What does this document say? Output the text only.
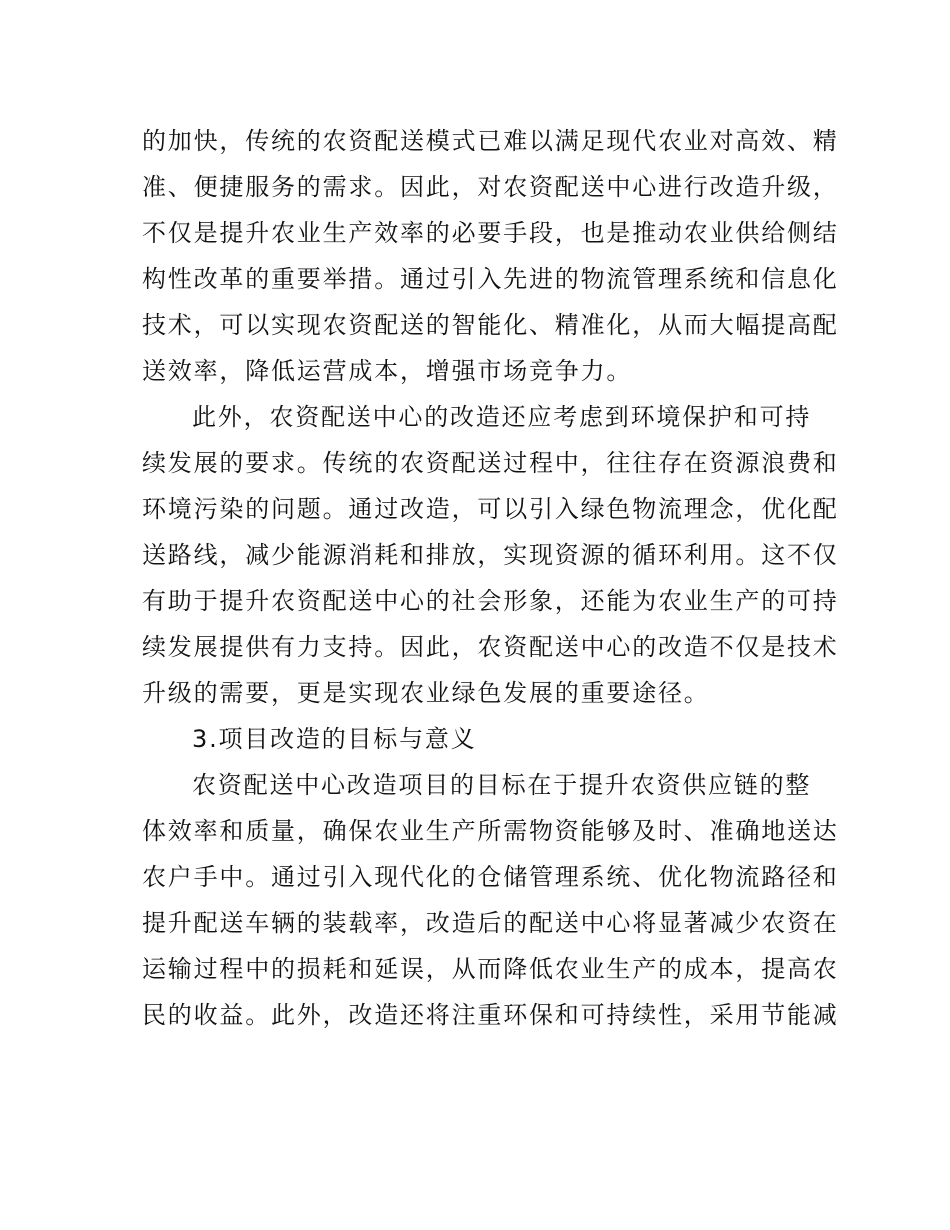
的加快，传统的农资配送模式已难以满足现代农业对高效、精
准、便捷服务的需求。因此，对农资配送中心进行改造升级，
不仅是提升农业生产效率的必要手段，也是推动农业供给侧结
构性改革的重要举措。通过引入先进的物流管理系统和信息化
技术，可以实现农资配送的智能化、精准化，从而大幅提高配
送效率，降低运营成本，增强市场竞争力。
此外，农资配送中心的改造还应考虑到环境保护和可持
续发展的要求。传统的农资配送过程中，往往存在资源浪费和
环境污染的问题。通过改造，可以引入绿色物流理念，优化配
送路线，减少能源消耗和排放，实现资源的循环利用。这不仅
有助于提升农资配送中心的社会形象，还能为农业生产的可持
续发展提供有力支持。因此，农资配送中心的改造不仅是技术
升级的需要，更是实现农业绿色发展的重要途径。
3.项目改造的目标与意义
农资配送中心改造项目的目标在于提升农资供应链的整
体效率和质量，确保农业生产所需物资能够及时、准确地送达
农户手中。通过引入现代化的仓储管理系统、优化物流路径和
提升配送车辆的装载率，改造后的配送中心将显著减少农资在
运输过程中的损耗和延误，从而降低农业生产的成本，提高农
民的收益。此外，改造还将注重环保和可持续性，采用节能减
